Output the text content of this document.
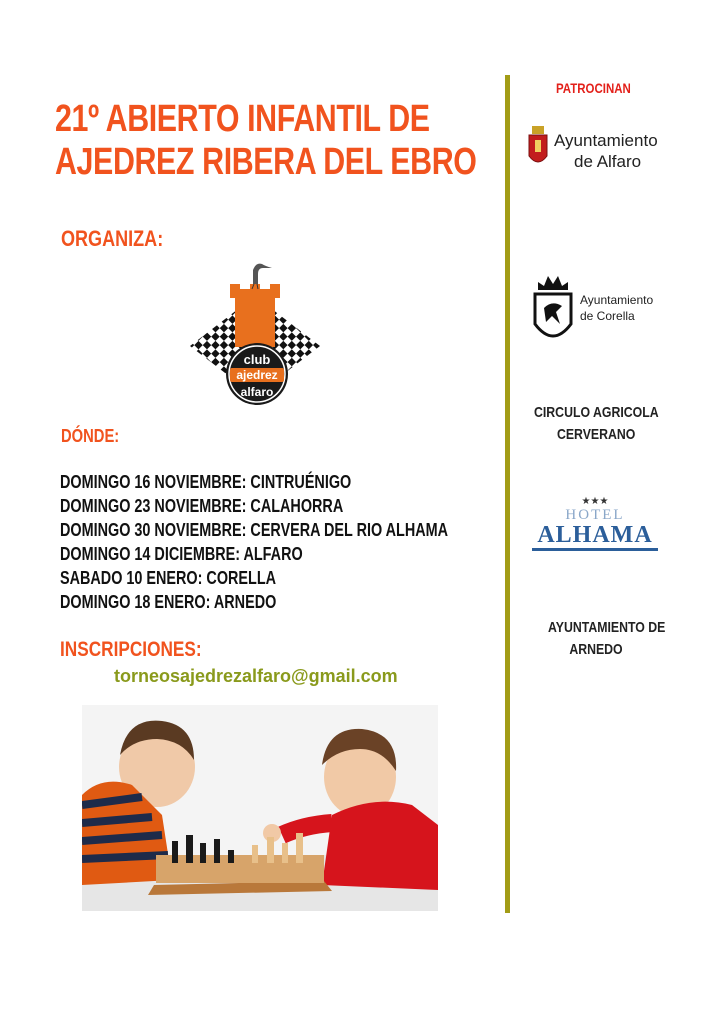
21º ABIERTO INFANTIL DE
AJEDREZ RIBERA DEL EBRO
ORGANIZA:
club
ajedrez
alfaro
DÓNDE:
DOMINGO 16 NOVIEMBRE: CINTRUÉNIGO
DOMINGO 23 NOVIEMBRE: CALAHORRA
DOMINGO 30 NOVIEMBRE: CERVERA DEL RIO ALHAMA
DOMINGO 14 DICIEMBRE: ALFARO
SABADO 10 ENERO: CORELLA
DOMINGO 18 ENERO: ARNEDO
INSCRIPCIONES:
torneosajedrezalfaro@gmail.com
PATROCINAN
Ayuntamiento
de Alfaro
Ayuntamiento
de Corella
CIRCULO AGRICOLA
CERVERANO
★★★
HOTEL
ALHAMA
AYUNTAMIENTO DE
ARNEDO
